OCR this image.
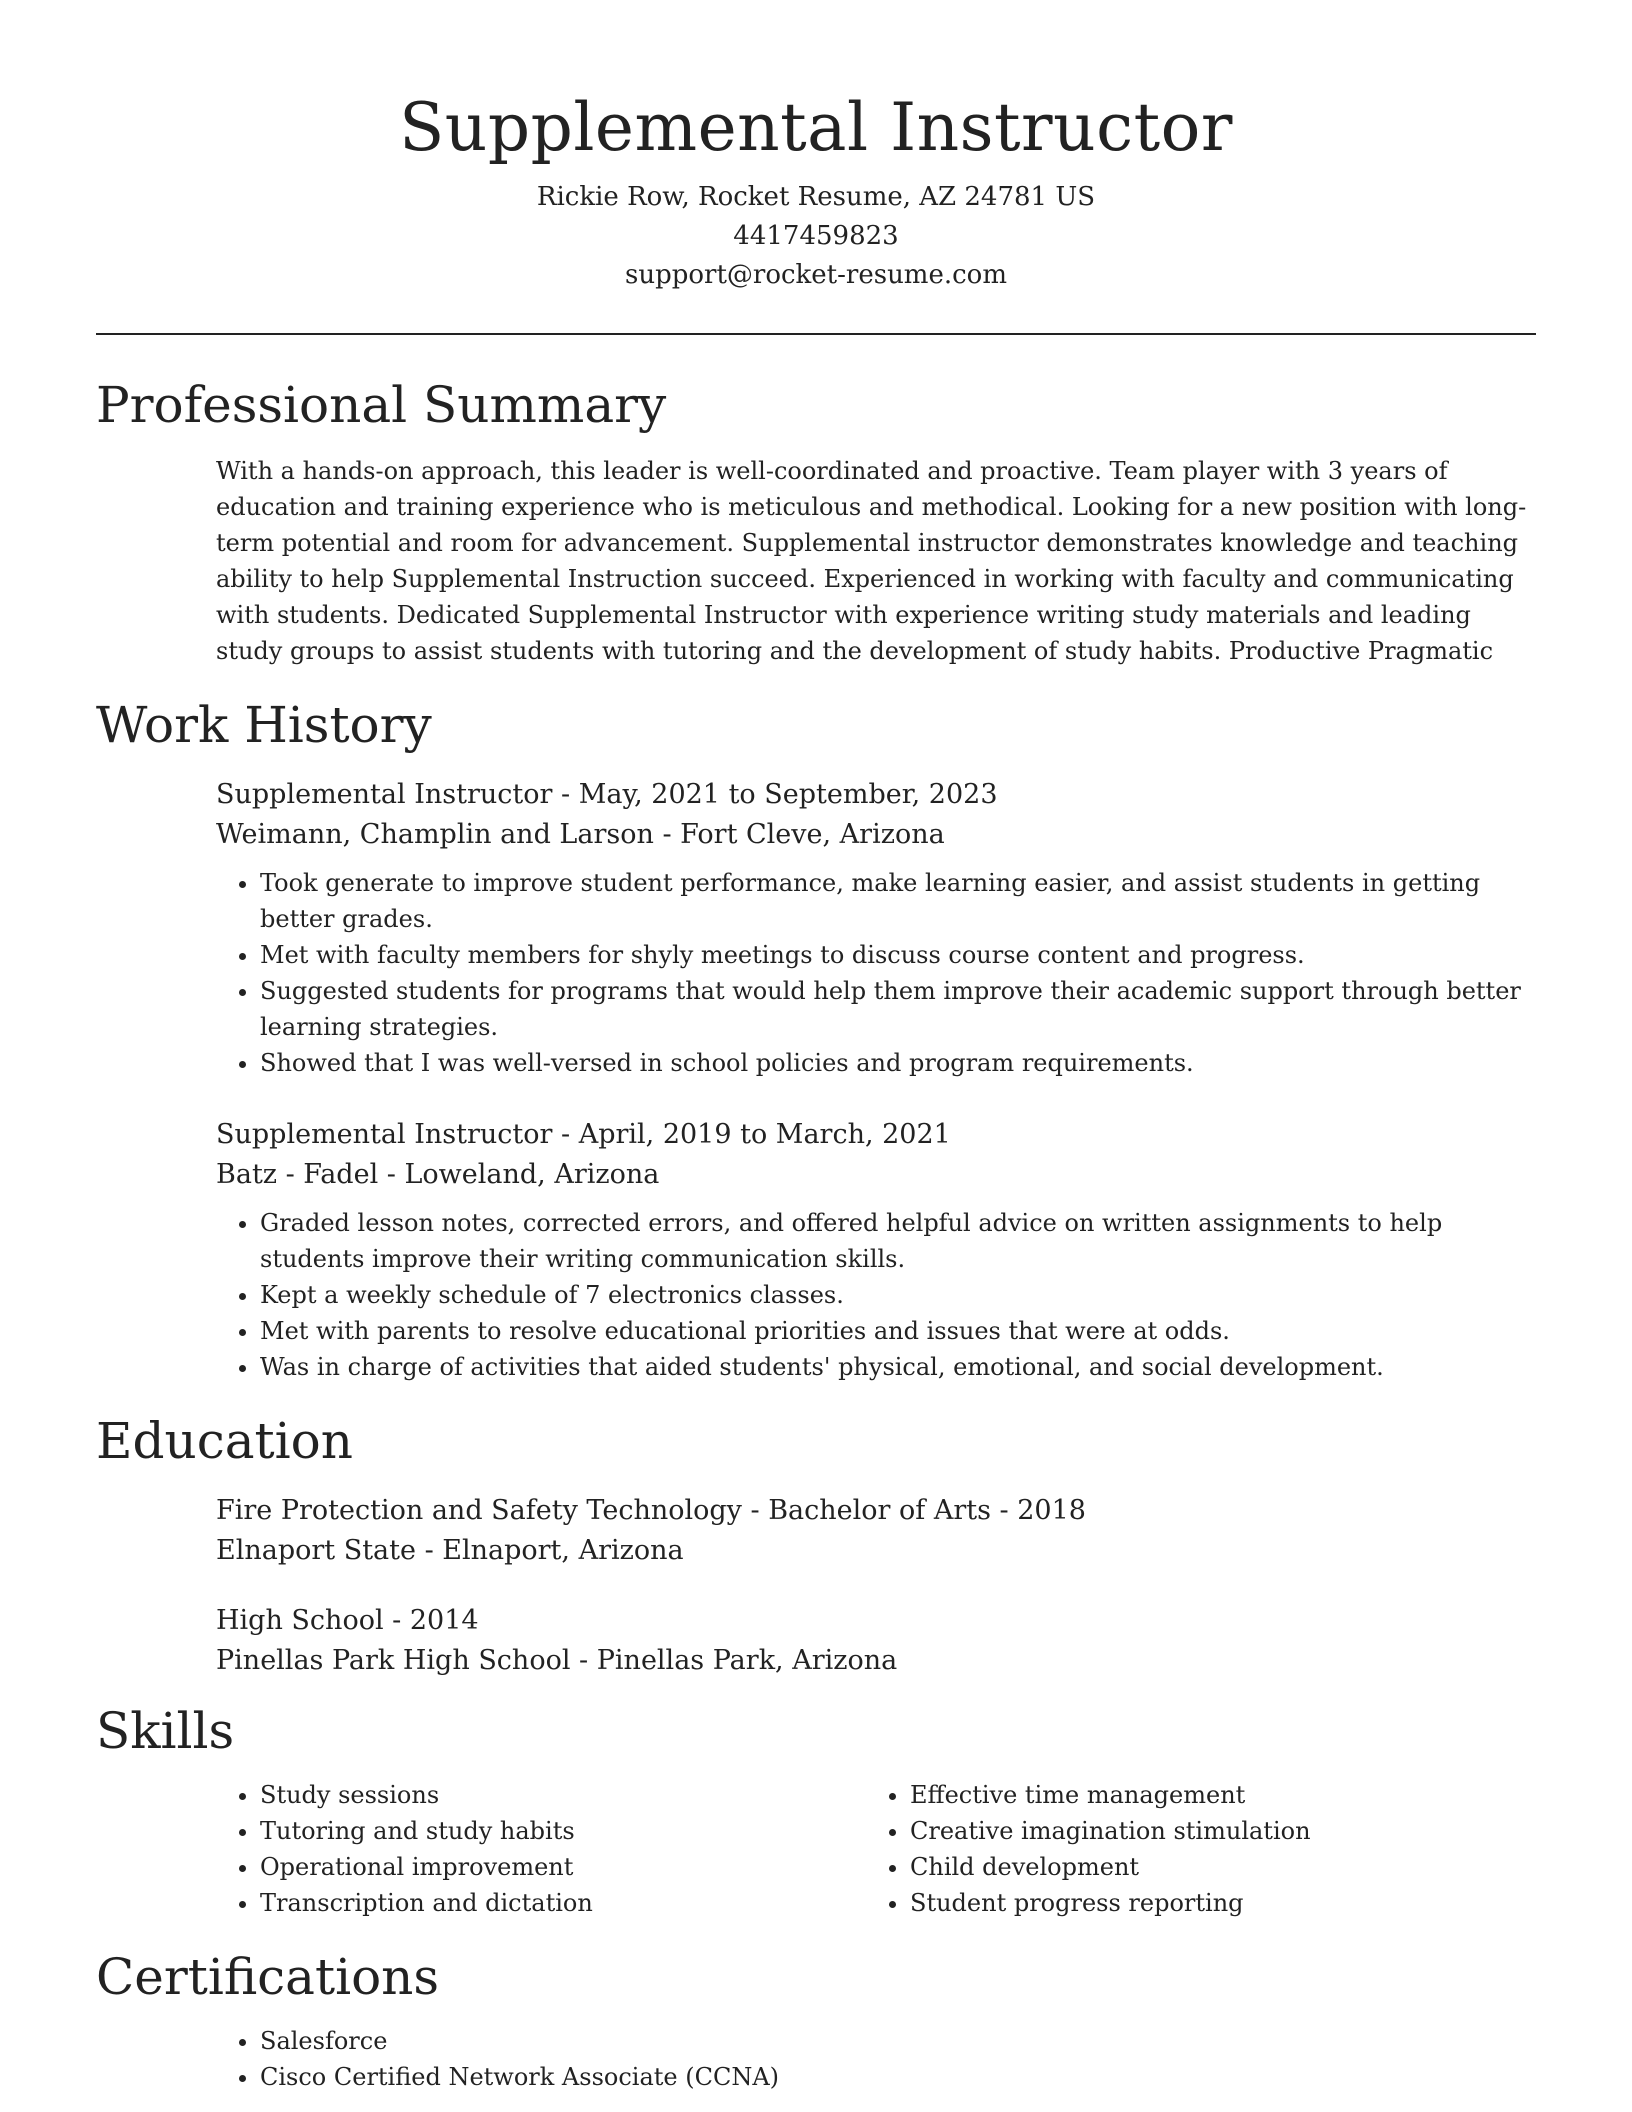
Supplemental Instructor

Rickie Row, Rocket Resume, AZ 24781 US

4417459823

support@rocket-resume.com

Professional Summary

With a hands-on approach, this leader is well-coordinated and proactive. Team player with 3 years of education and training experience who is meticulous and methodical. Looking for a new position with long-term potential and room for advancement. Supplemental instructor demonstrates knowledge and teaching ability to help Supplemental Instruction succeed. Experienced in working with faculty and communicating with students. Dedicated Supplemental Instructor with experience writing study materials and leading study groups to assist students with tutoring and the development of study habits. Productive Pragmatic

Work History

Supplemental Instructor - May, 2021 to September, 2023

Weimann, Champlin and Larson - Fort Cleve, Arizona

• Took generate to improve student performance, make learning easier, and assist students in getting better grades.
• Met with faculty members for shyly meetings to discuss course content and progress.
• Suggested students for programs that would help them improve their academic support through better learning strategies.
• Showed that I was well-versed in school policies and program requirements.

Supplemental Instructor - April, 2019 to March, 2021

Batz - Fadel - Loweland, Arizona

• Graded lesson notes, corrected errors, and offered helpful advice on written assignments to help students improve their writing communication skills.
• Kept a weekly schedule of 7 electronics classes.
• Met with parents to resolve educational priorities and issues that were at odds.
• Was in charge of activities that aided students' physical, emotional, and social development.
Education

Fire Protection and Safety Technology - Bachelor of Arts - 2018

Elnaport State - Elnaport, Arizona

High School - 2014

Pinellas Park High School - Pinellas Park, Arizona

Skills
• Study sessions
• Tutoring and study habits
• Operational improvement
• Transcription and dictation
• Effective time management
• Creative imagination stimulation
• Child development
• Student progress reporting
Certifications
• Salesforce
• Cisco Certified Network Associate (CCNA)
